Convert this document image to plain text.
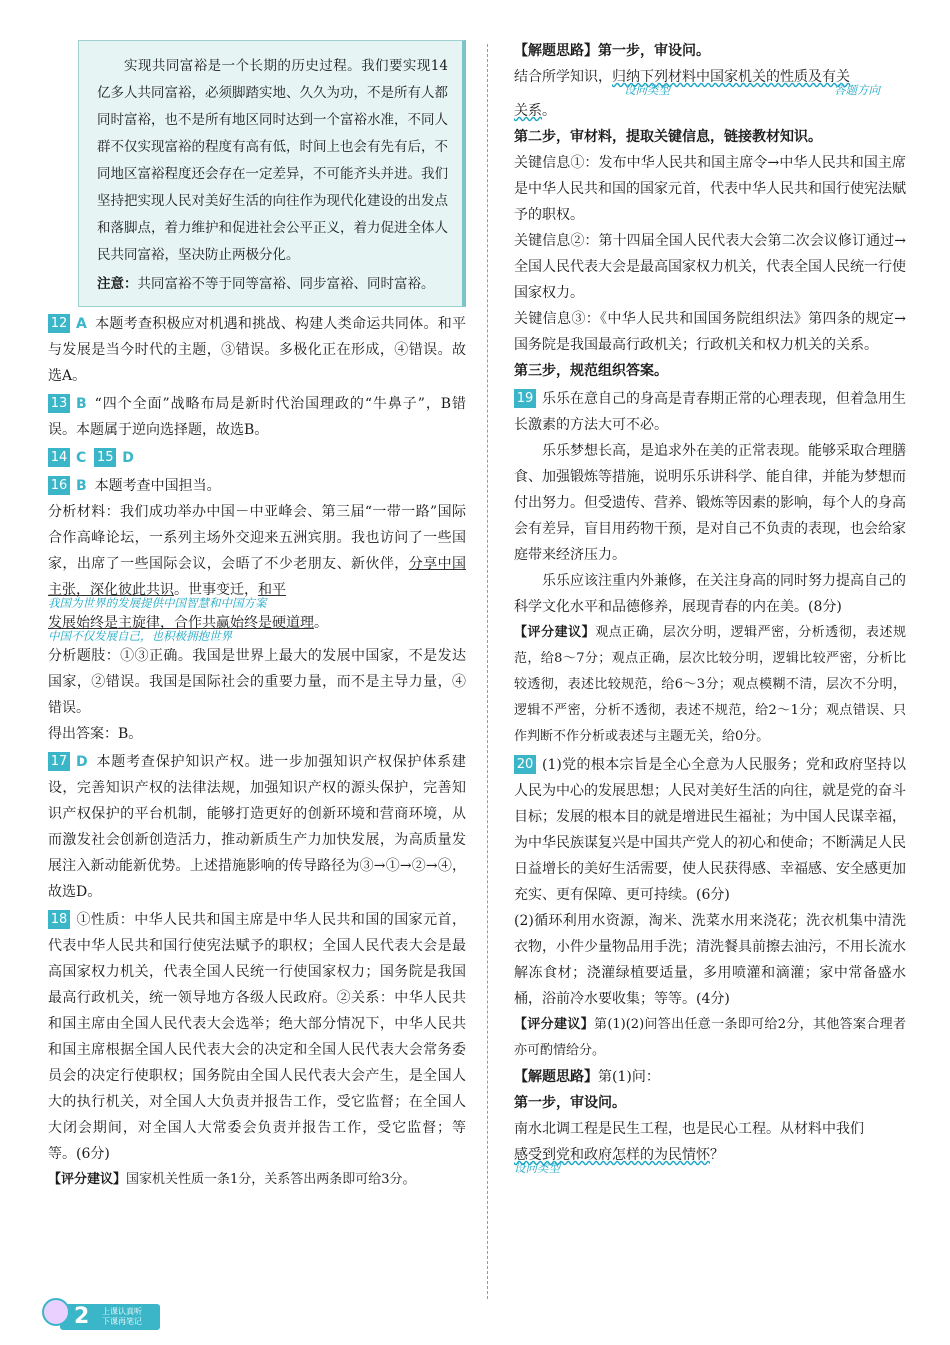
实现共同富裕是一个长期的历史过程。我们要实现14亿多人共同富裕，必须脚踏实地、久久为功，不是所有人都同时富裕，也不是所有地区同时达到一个富裕水准，不同人群不仅实现富裕的程度有高有低，时间上也会有先有后，不同地区富裕程度还会存在一定差异，不可能齐头并进。我们坚持把实现人民对美好生活的向往作为现代化建设的出发点和落脚点，着力维护和促进社会公平正义，着力促进全体人民共同富裕，坚决防止两极分化。

注意：共同富裕不等于同等富裕、同步富裕、同时富裕。

12 A 本题考查积极应对机遇和挑战、构建人类命运共同体。和平与发展是当今时代的主题，③错误。多极化正在形成，④错误。故选A。

13 B “四个全面”战略布局是新时代治国理政的“牛鼻子”，B错误。本题属于逆向选择题，故选B。

14 C 15 D

16 B 本题考查中国担当。

分析材料：我们成功举办中国－中亚峰会、第三届“一带一路”国际合作高峰论坛，一系列主场外交迎来五洲宾朋。我也访问了一些国家，出席了一些国际会议，会晤了不少老朋友、新伙伴，分享中国主张，深化彼此共识。世事变迁，和平

我国为世界的发展提供中国智慧和中国方案

发展始终是主旋律，合作共赢始终是硬道理。

中国不仅发展自己，也积极拥抱世界

分析题肢：①③正确。我国是世界上最大的发展中国家，不是发达国家，②错误。我国是国际社会的重要力量，而不是主导力量，④错误。

得出答案：B。

17 D 本题考查保护知识产权。进一步加强知识产权保护体系建设，完善知识产权的法律法规，加强知识产权的源头保护，完善知识产权保护的平台机制，能够打造更好的创新环境和营商环境，从而激发社会创新创造活力，推动新质生产力加快发展，为高质量发展注入新动能新优势。上述措施影响的传导路径为③→①→②→④，故选D。

18 ①性质：中华人民共和国主席是中华人民共和国的国家元首，代表中华人民共和国行使宪法赋予的职权；全国人民代表大会是最高国家权力机关，代表全国人民统一行使国家权力；国务院是我国最高行政机关，统一领导地方各级人民政府。②关系：中华人民共和国主席由全国人民代表大会选举；绝大部分情况下，中华人民共和国主席根据全国人民代表大会的决定和全国人民代表大会常务委员会的决定行使职权；国务院由全国人民代表大会产生，是全国人大的执行机关，对全国人大负责并报告工作，受它监督；在全国人大闭会期间，对全国人大常委会负责并报告工作，受它监督；等等。(6分)

【评分建议】国家机关性质一条1分，关系答出两条即可给3分。

【解题思路】第一步，审设问。

结合所学知识，归纳下列材料中国家机关的性质及有关

设问类型	答题方向

关系。

第二步，审材料，提取关键信息，链接教材知识。

关键信息①：发布中华人民共和国主席令→中华人民共和国主席是中华人民共和国的国家元首，代表中华人民共和国行使宪法赋予的职权。

关键信息②：第十四届全国人民代表大会第二次会议修订通过→全国人民代表大会是最高国家权力机关，代表全国人民统一行使国家权力。

关键信息③：《中华人民共和国国务院组织法》第四条的规定→国务院是我国最高行政机关；行政机关和权力机关的关系。

第三步，规范组织答案。

19 乐乐在意自己的身高是青春期正常的心理表现，但着急用生长激素的方法大可不必。

乐乐梦想长高，是追求外在美的正常表现。能够采取合理膳食、加强锻炼等措施，说明乐乐讲科学、能自律，并能为梦想而付出努力。但受遗传、营养、锻炼等因素的影响，每个人的身高会有差异，盲目用药物干预，是对自己不负责的表现，也会给家庭带来经济压力。

乐乐应该注重内外兼修，在关注身高的同时努力提高自己的科学文化水平和品德修养，展现青春的内在美。(8分)

【评分建议】观点正确，层次分明，逻辑严密，分析透彻，表述规范，给8～7分；观点正确，层次比较分明，逻辑比较严密，分析比较透彻，表述比较规范，给6～3分；观点模糊不清，层次不分明，逻辑不严密，分析不透彻，表述不规范，给2～1分；观点错误、只作判断不作分析或表述与主题无关，给0分。

20 (1)党的根本宗旨是全心全意为人民服务；党和政府坚持以人民为中心的发展思想；人民对美好生活的向往，就是党的奋斗目标；发展的根本目的就是增进民生福祉；为中国人民谋幸福，为中华民族谋复兴是中国共产党人的初心和使命；不断满足人民日益增长的美好生活需要，使人民获得感、幸福感、安全感更加充实、更有保障、更可持续。(6分)

(2)循环利用水资源，淘米、洗菜水用来浇花；洗衣机集中清洗衣物，小件少量物品用手洗；清洗餐具前擦去油污，不用长流水解冻食材；浇灌绿植要适量，多用喷灌和滴灌；家中常备盛水桶，浴前冷水要收集；等等。(4分)

【评分建议】第(1)(2)问答出任意一条即可给2分，其他答案合理者亦可酌情给分。

【解题思路】第(1)问：

第一步，审设问。

南水北调工程是民生工程，也是民心工程。从材料中我们

感受到党和政府怎样的为民情怀？

设问类型
2 上课认真听
下课再笔记
